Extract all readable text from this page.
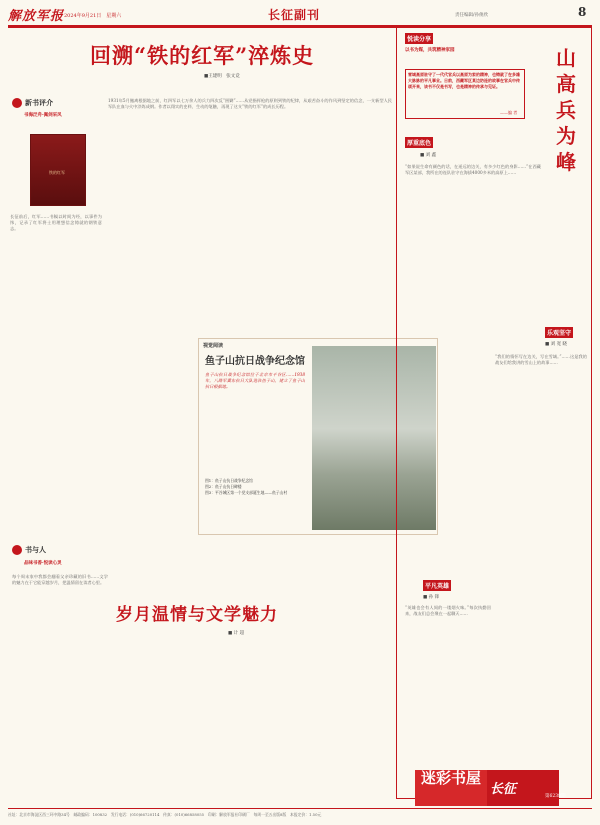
解放军报 2024年9月21日　星期六	长征副刊	责任编辑/孙俊欣	8
回溯“铁的红军”淬炼史
■王建明　张文竞
新书评介
书海泛舟·佩剑采风
铁的红军
长征前后，红军……书稿以时间为经，以事件为纬，记录了红军将士用理想信念铸就的钢铁意志。
1931年5月撤离根据地之前，红四军以七万余人的兵力四次反“围剿”……从党指挥枪的原则到铁的纪律，从艰苦奋斗的作风到坚定的信念，一支新型人民军队在血与火中淬炼成钢。作者以翔实的史料、生动的笔触，再现了这支“铁的红军”的成长历程。
视觉阅读
鱼子山抗日战争纪念馆
鱼子山抗日战争纪念馆位于北京市平谷区……1938年，八路军冀东抗日大队进驻鱼子山，建立了鱼子山抗日根据地。
图1：鱼子山抗日战争纪念馆
图2：鱼子山抗日碑楼
图3：平谷城区第一个党支部诞生地——鱼子山村
书与人
品味书香·悦读心灵
岁月温情与文学魅力
■ 计 超
每个周末家中我都会翻看父亲珍藏的旧书……文学的魅力在于它能穿越岁月，把温情留在读者心里。
悦读分享
以书为媒，共筑精神家园
雪域高原驻守了一代代官兵以高原为家的精神，也铸就了在多雄大脉脉的平凡事业。日前，西藏军区某边防连的故事在官兵中传颂开来，该书不仅是书写，也是精神的传承与见证。
——编 者
山高兵为峰
厚重底色
■ 刘 鑫
“如果说生命有颜色的话，在遥远的边关，有多少红色的身影……”在西藏军区某部，我所在的连队驻守在海拔4000多米的高原上……
平凡英雄
■ 孙 锋
“英雄也会有人间的一缕烟火味。”每次执勤回来，战友们总会聚在一起聊天……
乐观坚守
■ 刘 宽 晓
“我们的情怀写在边关，写在雪域。”……这是我的战友们给我讲的雪山上的故事……
迷彩书屋
长征	第6238期
社址：北京市海淀区西三环中路34号　邮政编码：100832　发行电话：(010)66720114　传真：(010)66858055　印刷：解放军报社印刷厂　每周一至五出版8版　本报定价：1.50元
